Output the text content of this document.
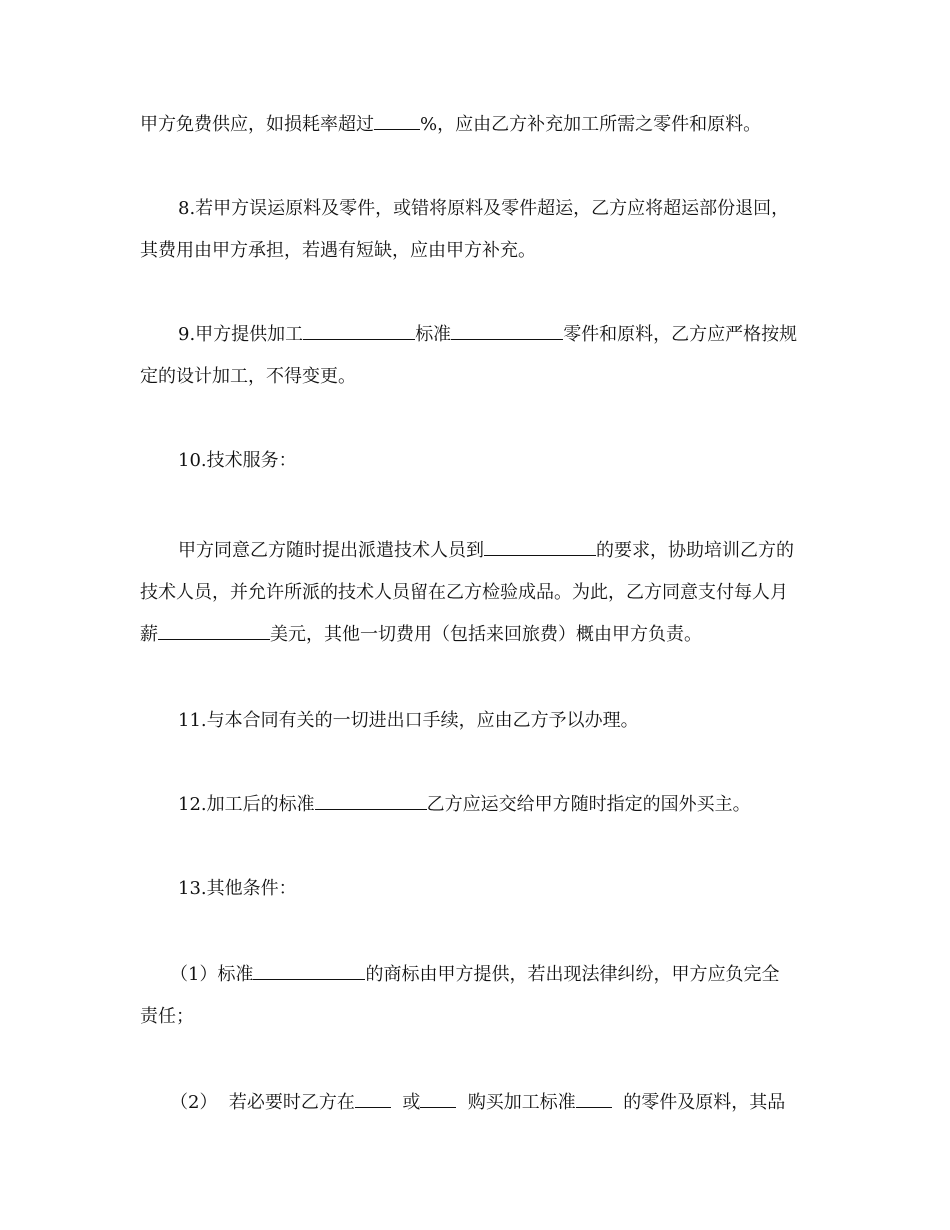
甲方免费供应，如损耗率超过	%，应由乙方补充加工所需之零件和原料。

8.若甲方误运原料及零件，或错将原料及零件超运，乙方应将超运部份退回，

其费用由甲方承担，若遇有短缺，应由甲方补充。

9.甲方提供加工	标准	零件和原料，乙方应严格按规

定的设计加工，不得变更。

10.技术服务：

甲方同意乙方随时提出派遣技术人员到	的要求，协助培训乙方的

技术人员，并允许所派的技术人员留在乙方检验成品。为此，乙方同意支付每人月
薪	美元，其他一切费用（包括来回旅费）概由甲方负责。

11.与本合同有关的一切进出口手续，应由乙方予以办理。

12.加工后的标准	乙方应运交给甲方随时指定的国外买主。

13.其他条件：

（1）标准	的商标由甲方提供，若出现法律纠纷，甲方应负完全

责任；

（2）  若必要时乙方在	或	购买加工标准	的零件及原料，其品
